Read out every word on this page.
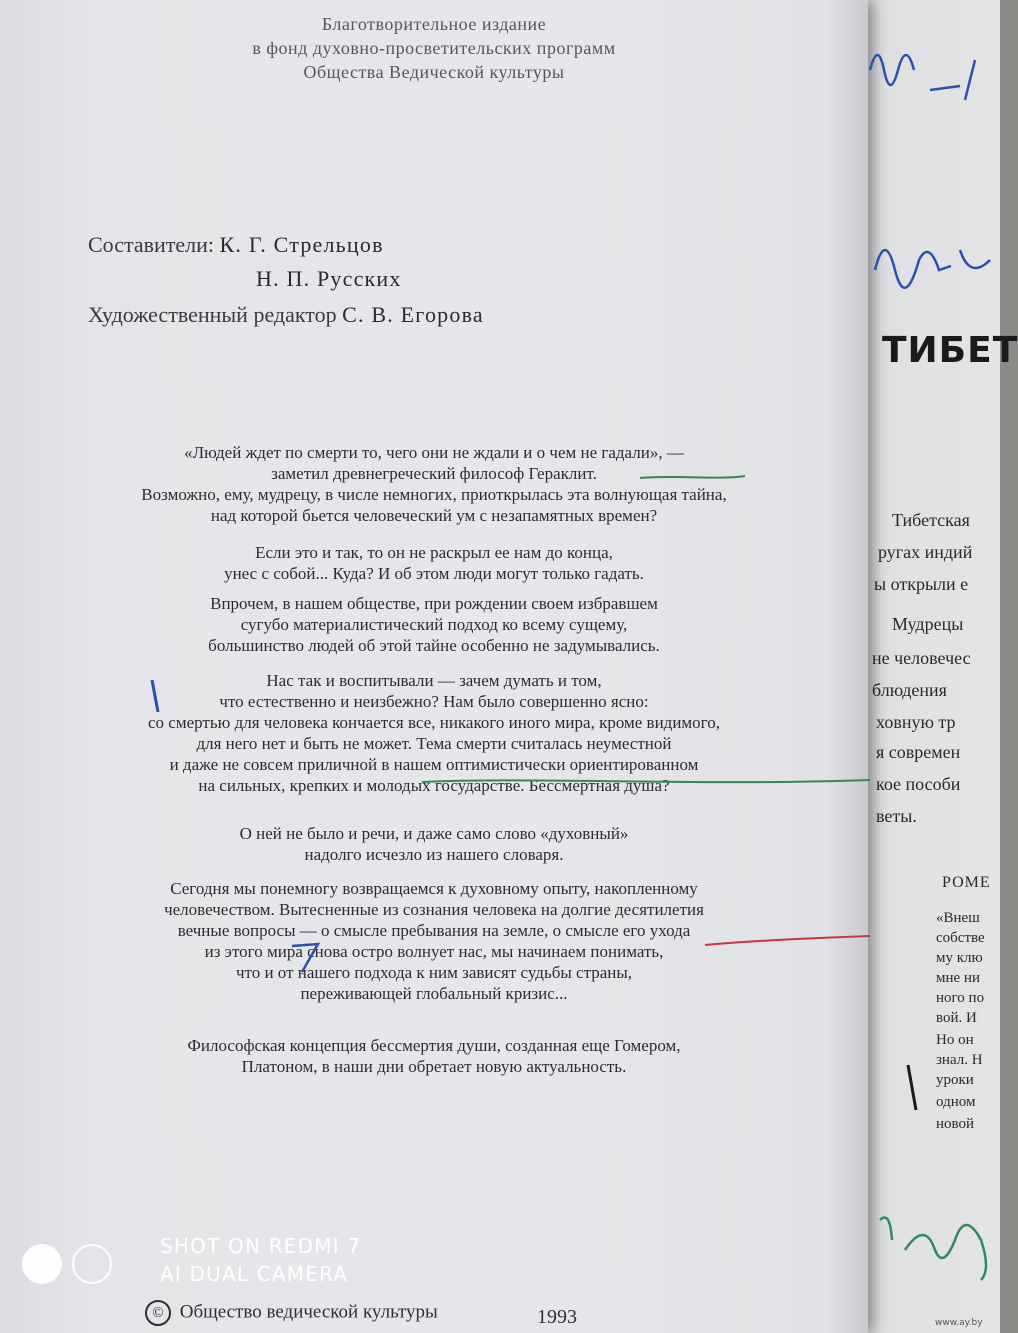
Благотворительное издание
в фонд духовно-просветительских программ
Общества Ведической культуры
Составители: К. Г. Стрельцов
Н. П. Русских
Художественный редактор С. В. Егорова
«Людей ждет по смерти то, чего они не ждали и о чем не гадали», —
заметил древнегреческий философ Гераклит.
Возможно, ему, мудрецу, в числе немногих, приоткрылась эта волнующая тайна,
над которой бьется человеческий ум с незапамятных времен?
Если это и так, то он не раскрыл ее нам до конца,
унес с собой... Куда? И об этом люди могут только гадать.
Впрочем, в нашем обществе, при рождении своем избравшем
сугубо материалистический подход ко всему сущему,
большинство людей об этой тайне особенно не задумывались.
Нас так и воспитывали — зачем думать и том,
что естественно и неизбежно? Нам было совершенно ясно:
со смертью для человека кончается все, никакого иного мира, кроме видимого,
для него нет и быть не может. Тема смерти считалась неуместной
и даже не совсем приличной в нашем оптимистически ориентированном
на сильных, крепких и молодых государстве. Бессмертная душа?
О ней не было и речи, и даже само слово «духовный»
надолго исчезло из нашего словаря.
Сегодня мы понемногу возвращаемся к духовному опыту, накопленному
человечеством. Вытесненные из сознания человека на долгие десятилетия
вечные вопросы — о смысле пребывания на земле, о смысле его ухода
из этого мира снова остро волнует нас, мы начинаем понимать,
что и от нашего подхода к ним зависят судьбы страны,
переживающей глобальный кризис...
Философская концепция бессмертия души, созданная еще Гомером,
Платоном, в наши дни обретает новую актуальность.
© Общество ведической культуры	1993
ТИБЕТ
Тибетская
ругах индий
ы открыли е
Мудрецы
не человечес
блюдения
ховную тр
я современ
кое пособи
веты.
РОМЕ
«Внеш
собстве
му клю
мне ни
ного по
вой. И
Но он
знал. Н
уроки
одном
новой
SHOT ON REDMI 7
AI DUAL CAMERA
www.ay.by
